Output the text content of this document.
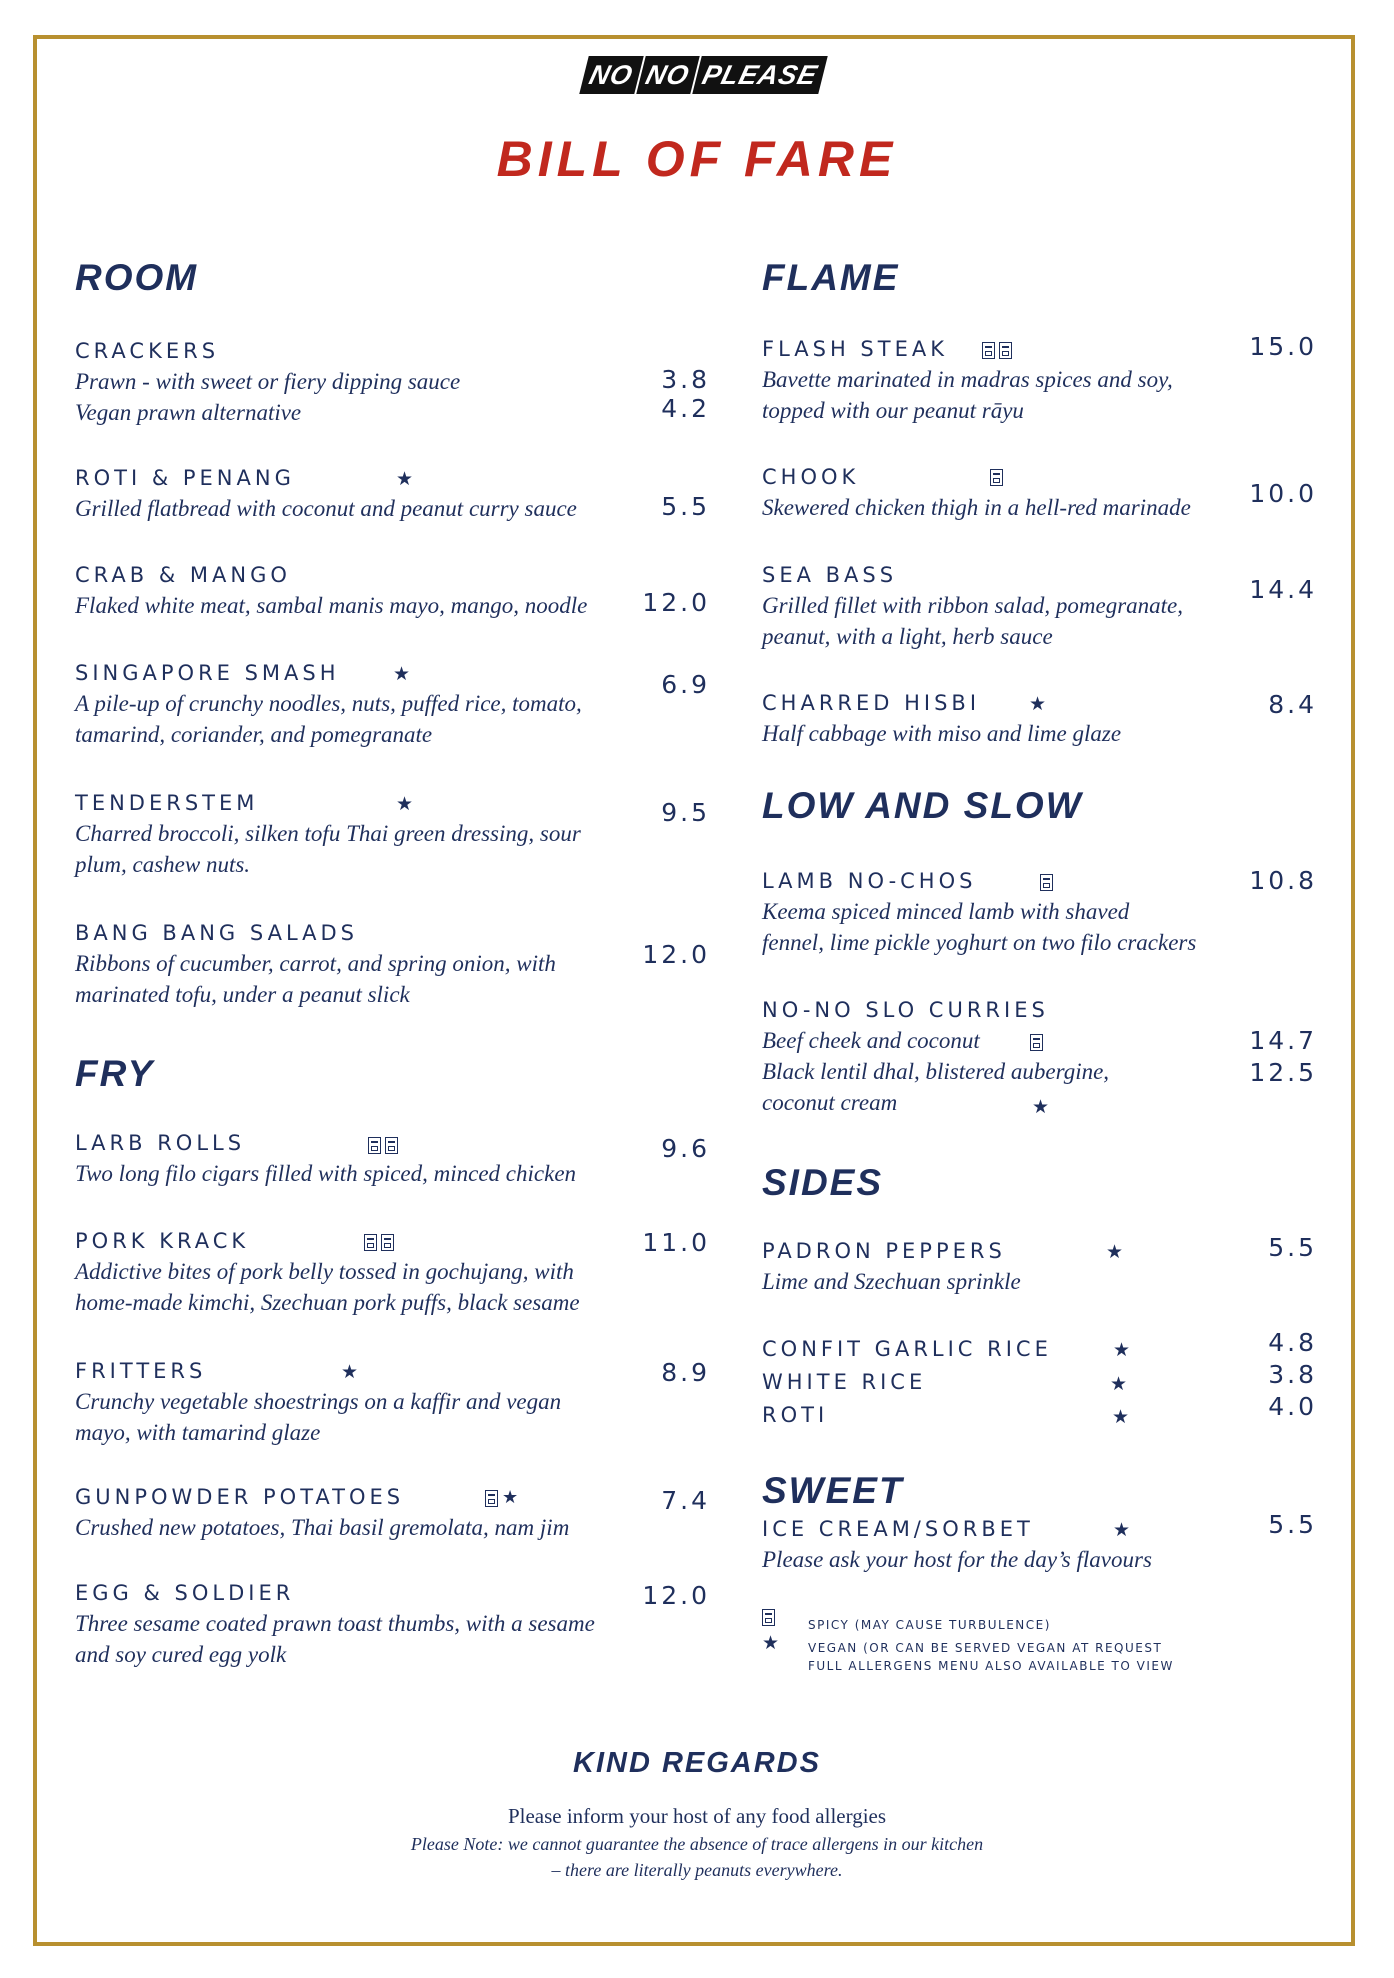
NO NO PLEASE
BILL OF FARE
ROOM
CRACKERS
Prawn - with sweet or fiery dipping sauce
Vegan prawn alternative
3.8
4.2
ROTI & PENANG
Grilled flatbread with coconut and peanut curry sauce
★
5.5
CRAB & MANGO
Flaked white meat, sambal manis mayo, mango, noodle	12.0
SINGAPORE SMASH
A pile-up of crunchy noodles, nuts, puffed rice, tomato,
tamarind, coriander, and pomegranate
★	6.9
TENDERSTEM
Charred broccoli, silken tofu Thai green dressing, sour
plum, cashew nuts.
★	9.5
BANG BANG SALADS
Ribbons of cucumber, carrot, and spring onion, with
marinated tofu, under a peanut slick
12.0
FRY
LARB ROLLS
Two long filo cigars filled with spiced, minced chicken
9.6
PORK KRACK
Addictive bites of pork belly tossed in gochujang, with
home-made kimchi, Szechuan pork puffs, black sesame
11.0
FRITTERS
Crunchy vegetable shoestrings on a kaffir and vegan
mayo, with tamarind glaze
★	8.9
GUNPOWDER POTATOES
Crushed new potatoes, Thai basil gremolata, nam jim
★	7.4
EGG & SOLDIER
Three sesame coated prawn toast thumbs, with a sesame
and soy cured egg yolk
12.0
FLAME
FLASH STEAK
Bavette marinated in madras spices and soy,
topped with our peanut rāyu
15.0
CHOOK
Skewered chicken thigh in a hell-red marinade	10.0
SEA BASS
Grilled fillet with ribbon salad, pomegranate,
peanut, with a light, herb sauce
14.4
CHARRED HISBI
Half cabbage with miso and lime glaze
★	8.4
LOW AND SLOW
LAMB NO-CHOS
Keema spiced minced lamb with shaved
fennel, lime pickle yoghurt on two filo crackers
10.8
NO-NO SLO CURRIES
Beef cheek and coconut
Black lentil dhal, blistered aubergine,
coconut cream	★
14.7
12.5
SIDES
PADRON PEPPERS
Lime and Szechuan sprinkle
★	5.5
CONFIT GARLIC RICE	★	4.8
WHITE RICE	★	3.8
ROTI	★	4.0
SWEET
ICE CREAM/SORBET
Please ask your host for the day’s flavours
★	5.5
SPICY (MAY CAUSE TURBULENCE)
★ VEGAN (OR CAN BE SERVED VEGAN AT REQUEST
FULL ALLERGENS MENU ALSO AVAILABLE TO VIEW
KIND REGARDS
Please inform your host of any food allergies
Please Note: we cannot guarantee the absence of trace allergens in our kitchen
– there are literally peanuts everywhere.
